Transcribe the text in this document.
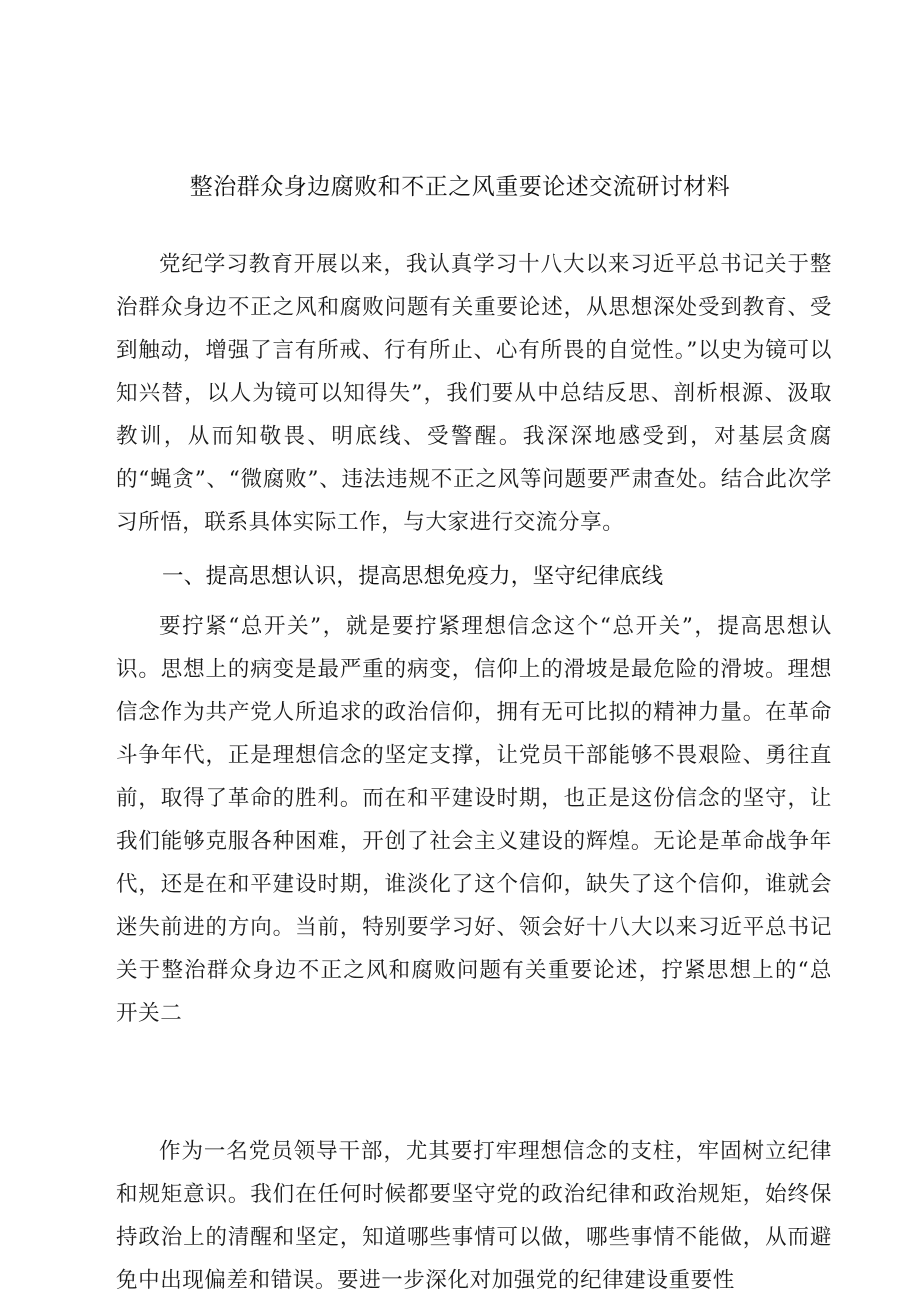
整治群众身边腐败和不正之风重要论述交流研讨材料
党纪学习教育开展以来，我认真学习十八大以来习近平总书记关于整治群众身边不正之风和腐败问题有关重要论述，从思想深处受到教育、受到触动，增强了言有所戒、行有所止、心有所畏的自觉性。”以史为镜可以知兴替，以人为镜可以知得失”，我们要从中总结反思、剖析根源、汲取教训，从而知敬畏、明底线、受警醒。我深深地感受到，对基层贪腐的“蝇贪”、“微腐败”、违法违规不正之风等问题要严肃查处。结合此次学习所悟，联系具体实际工作，与大家进行交流分享。
一、提高思想认识，提高思想免疫力，坚守纪律底线
要拧紧“总开关”，就是要拧紧理想信念这个“总开关”，提高思想认识。思想上的病变是最严重的病变，信仰上的滑坡是最危险的滑坡。理想信念作为共产党人所追求的政治信仰，拥有无可比拟的精神力量。在革命斗争年代，正是理想信念的坚定支撑，让党员干部能够不畏艰险、勇往直前，取得了革命的胜利。而在和平建设时期，也正是这份信念的坚守，让我们能够克服各种困难，开创了社会主义建设的辉煌。无论是革命战争年代，还是在和平建设时期，谁淡化了这个信仰，缺失了这个信仰，谁就会迷失前进的方向。当前，特别要学习好、领会好十八大以来习近平总书记关于整治群众身边不正之风和腐败问题有关重要论述，拧紧思想上的“总开关二
作为一名党员领导干部，尤其要打牢理想信念的支柱，牢固树立纪律和规矩意识。我们在任何时候都要坚守党的政治纪律和政治规矩，始终保持政治上的清醒和坚定，知道哪些事情可以做，哪些事情不能做，从而避免中出现偏差和错误。要进一步深化对加强党的纪律建设重要性
